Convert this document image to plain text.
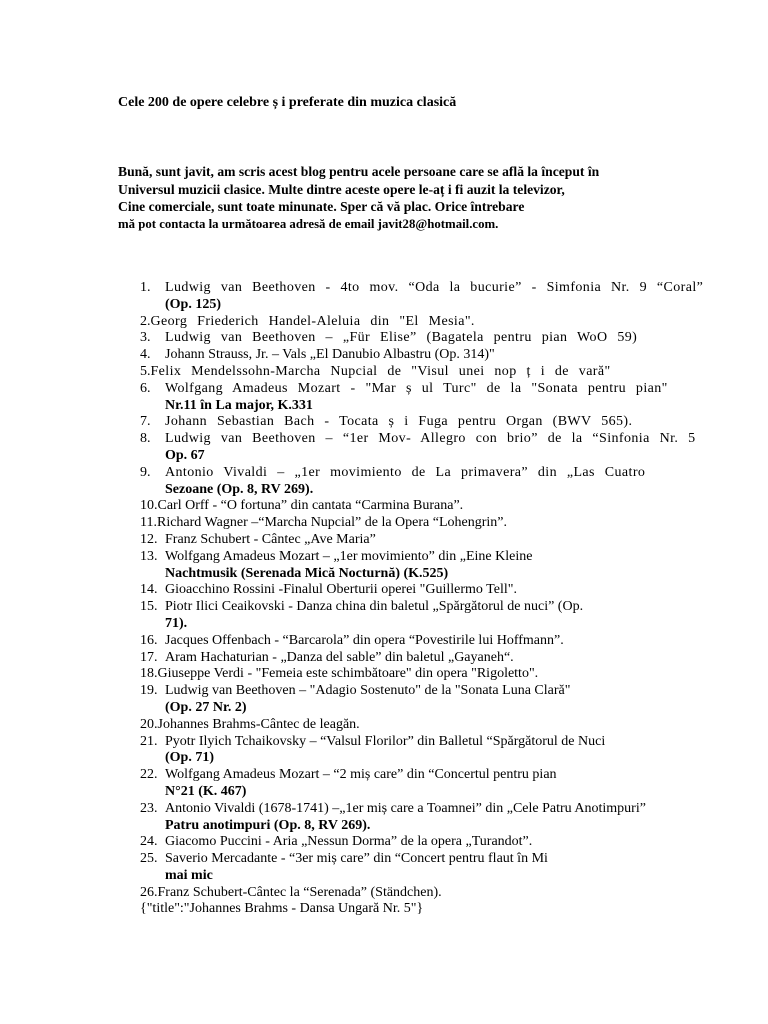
Cele 200 de opere celebre ș i preferate din muzica clasică
Bună, sunt javit, am scris acest blog pentru acele persoane care se află la început în
Universul muzicii clasice. Multe dintre aceste opere le-aț i fi auzit la televizor,
Cine comerciale, sunt toate minunate. Sper că vă plac. Orice întrebare
mă pot contacta la următoarea adresă de email javit28@hotmail.com.
1. Ludwig van Beethoven - 4to mov. “Oda la bucurie” - Simfonia Nr. 9 “Coral”
(Op. 125)
2.Georg Friederich Handel-Aleluia din "El Mesia".
3. Ludwig van Beethoven – „Für Elise” (Bagatela pentru pian WoO 59)
4. Johann Strauss, Jr. – Vals „El Danubio Albastru (Op. 314)"
5.Felix Mendelssohn-Marcha Nupcial de "Visul unei nop ț i de vară"
6. Wolfgang Amadeus Mozart - "Mar ș ul Turc" de la "Sonata pentru pian"
Nr.11 în La major, K.331
7. Johann Sebastian Bach - Tocata ș i Fuga pentru Organ (BWV 565).
8. Ludwig van Beethoven – “1er Mov- Allegro con brio” de la “Sinfonia Nr. 5
Op. 67
9. Antonio Vivaldi – „1er movimiento de La primavera” din „Las Cuatro
Sezoane (Op. 8, RV 269).
10.Carl Orff - “O fortuna” din cantata “Carmina Burana”.
11.Richard Wagner –“Marcha Nupcial” de la Opera “Lohengrin”.
12. Franz Schubert - Cântec „Ave Maria”
13. Wolfgang Amadeus Mozart – „1er movimiento” din „Eine Kleine
Nachtmusik (Serenada Mică Nocturnă) (K.525)
14. Gioacchino Rossini -Finalul Oberturii operei "Guillermo Tell".
15. Piotr Ilici Ceaikovski - Danza china din baletul „Spărgătorul de nuci” (Op.
71).
16. Jacques Offenbach - “Barcarola” din opera “Povestirile lui Hoffmann”.
17. Aram Hachaturian - „Danza del sable” din baletul „Gayaneh“.
18.Giuseppe Verdi - "Femeia este schimbătoare" din opera "Rigoletto".
19. Ludwig van Beethoven – "Adagio Sostenuto" de la "Sonata Luna Clară"
(Op. 27 Nr. 2)
20.Johannes Brahms-Cântec de leagăn.
21. Pyotr Ilyich Tchaikovsky – “Valsul Florilor” din Balletul “Spărgătorul de Nuci
(Op. 71)
22. Wolfgang Amadeus Mozart – “2 miș care” din “Concertul pentru pian
N°21 (K. 467)
23. Antonio Vivaldi (1678-1741) –„1er miș care a Toamnei” din „Cele Patru Anotimpuri”
Patru anotimpuri (Op. 8, RV 269).
24. Giacomo Puccini - Aria „Nessun Dorma” de la opera „Turandot”.
25. Saverio Mercadante - “3er miș care” din “Concert pentru flaut în Mi
mai mic
26.Franz Schubert-Cântec la “Serenada” (Ständchen).
{"title":"Johannes Brahms - Dansa Ungară Nr. 5"}
